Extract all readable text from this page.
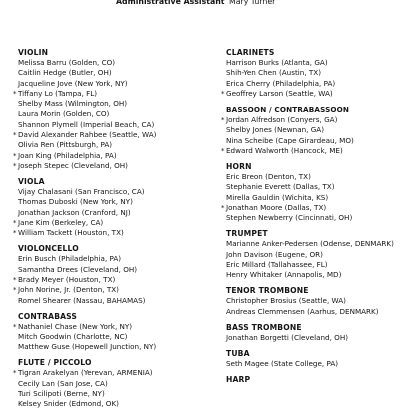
Administrative Assistant Mary Turner
VIOLIN
Melissa Barru (Golden, CO)
Caitlin Hedge (Butler, OH)
Jacqueline Jove (New York, NY)
* Tiffany Lo (Tampa, FL)
Shelby Mass (Wilmington, OH)
Laura Morin (Golden, CO)
Shannon Plymell (Imperial Beach, CA)
* David Alexander Rahbee (Seattle, WA)
Olivia Ren (Pittsburgh, PA)
* Joan King (Philadelphia, PA)
* Joseph Stepec (Cleveland, OH)
VIOLA
Vijay Chalasani (San Francisco, CA)
Thomas Duboski (New York, NY)
Jonathan Jackson (Cranford, NJ)
* Jane Kim (Berkeley, CA)
* William Tackett (Houston, TX)
VIOLONCELLO
Erin Busch (Philadelphia, PA)
Samantha Drees (Cleveland, OH)
* Brady Meyer (Houston, TX)
* John Norine, Jr. (Denton, TX)
Romel Shearer (Nassau, BAHAMAS)
CONTRABASS
* Nathaniel Chase (New York, NY)
Mitch Goodwin (Charlotte, NC)
Matthew Guse (Hopewell Junction, NY)
FLUTE / PICCOLO
* Tigran Arakelyan (Yerevan, ARMENIA)
Cecily Lan (San Jose, CA)
Turi Scilipoti (Berne, NY)
Kelsey Snider (Edmond, OK)
CLARINETS
Harrison Burks (Atlanta, GA)
Shih-Yen Chen (Austin, TX)
Erica Cherry (Philadelphia, PA)
* Geoffrey Larson (Seattle, WA)
BASSOON / CONTRABASSOON
* Jordan Alfredson (Conyers, GA)
Shelby Jones (Newnan, GA)
Nina Scheibe (Cape Girardeau, MO)
* Edward Walworth (Hancock, ME)
HORN
Eric Breon (Denton, TX)
Stephanie Everett (Dallas, TX)
Mirella Gauldin (Wichita, KS)
* Jonathan Moore (Dallas, TX)
Stephen Newberry (Cincinnati, OH)
TRUMPET
Marianne Anker-Pedersen (Odense, DENMARK)
John Davison (Eugene, OR)
Eric Millard (Tallahassee, FL)
Henry Whitaker (Annapolis, MD)
TENOR TROMBONE
Christopher Brosius (Seattle, WA)
Andreas Clemmensen (Aarhus, DENMARK)
BASS TROMBONE
Jonathan Borgetti (Cleveland, OH)
TUBA
Seth Magee (State College, PA)
HARP
